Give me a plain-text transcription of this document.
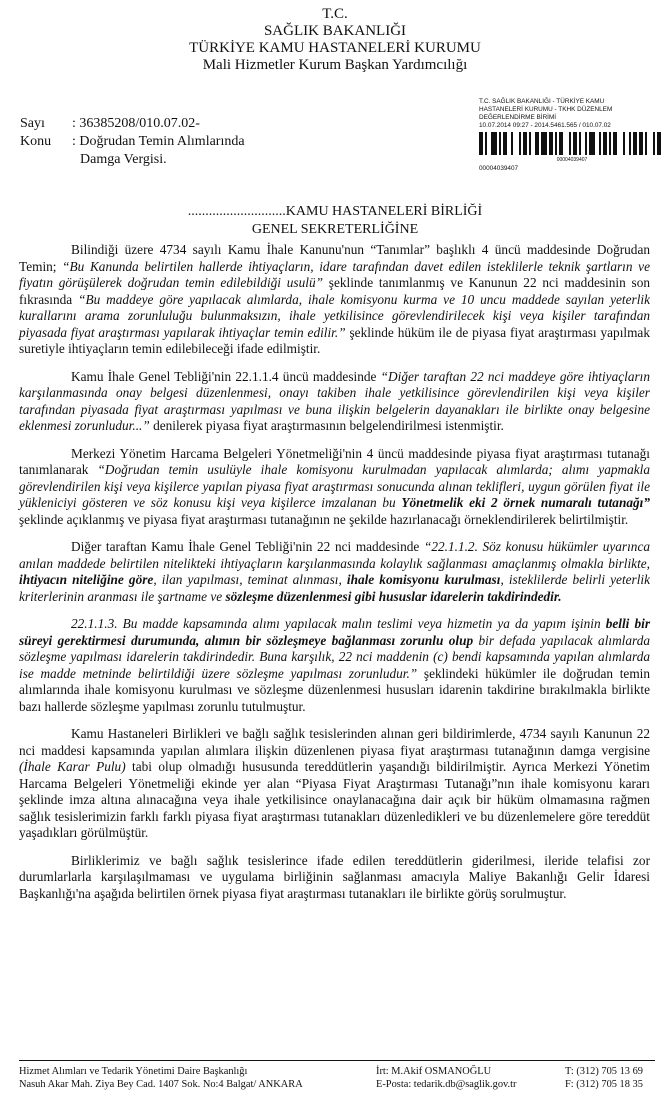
T.C.
SAĞLIK BAKANLIĞI
TÜRKİYE KAMU HASTANELERİ KURUMU
Mali Hizmetler Kurum Başkan Yardımcılığı
Sayı	: 36385208/010.07.02-
Konu	: Doğrudan Temin Alımlarında
Damga Vergisi.
T.C. SAĞLIK BAKANLIĞI - TÜRKİYE KAMU
HASTANELERİ KURUMU - TKHK DÜZENLEM
DEĞERLENDİRME BİRİMİ
10.07.2014 09:27 - 2014.5461.565 / 010.07.02
00004039407
00004039407
............................KAMU HASTANELERİ BİRLİĞİ
GENEL SEKRETERLİĞİNE

Bilindiği üzere 4734 sayılı Kamu İhale Kanunu'nun “Tanımlar” başlıklı 4 üncü maddesinde Doğrudan Temin; “Bu Kanunda belirtilen hallerde ihtiyaçların, idare tarafından davet edilen isteklilerle teknik şartların ve fiyatın görüşülerek doğrudan temin edilebildiği usulü” şeklinde tanımlanmış ve Kanunun 22 nci maddesinin son fıkrasında “Bu maddeye göre yapılacak alımlarda, ihale komisyonu kurma ve 10 uncu maddede sayılan yeterlik kurallarını arama zorunluluğu bulunmaksızın, ihale yetkilisince görevlendirilecek kişi veya kişiler tarafından piyasada fiyat araştırması yapılarak ihtiyaçlar temin edilir.” şeklinde hüküm ile de piyasa fiyat araştırması yapılmak suretiyle ihtiyaçların temin edilebileceği ifade edilmiştir.

Kamu İhale Genel Tebliği'nin 22.1.1.4 üncü maddesinde “Diğer taraftan 22 nci maddeye göre ihtiyaçların karşılanmasında onay belgesi düzenlenmesi, onayı takiben ihale yetkilisince görevlendirilen kişi veya kişiler tarafından piyasada fiyat araştırması yapılması ve buna ilişkin belgelerin dayanakları ile birlikte onay belgesine eklenmesi zorunludur...” denilerek piyasa fiyat araştırmasının belgelendirilmesi istenmiştir.

Merkezi Yönetim Harcama Belgeleri Yönetmeliği'nin 4 üncü maddesinde piyasa fiyat araştırması tutanağı tanımlanarak “Doğrudan temin usulüyle ihale komisyonu kurulmadan yapılacak alımlarda; alımı yapmakla görevlendirilen kişi veya kişilerce yapılan piyasa fiyat araştırması sonucunda alınan teklifleri, uygun görülen fiyat ile yükleniciyi gösteren ve söz konusu kişi veya kişilerce imzalanan bu Yönetmelik eki 2 örnek numaralı tutanağı” şeklinde açıklanmış ve piyasa fiyat araştırması tutanağının ne şekilde hazırlanacağı örneklendirilerek belirtilmiştir.

Diğer taraftan Kamu İhale Genel Tebliği'nin 22 nci maddesinde “22.1.1.2. Söz konusu hükümler uyarınca anılan maddede belirtilen nitelikteki ihtiyaçların karşılanmasında kolaylık sağlanması amaçlanmış olmakla birlikte, ihtiyacın niteliğine göre, ilan yapılması, teminat alınması, ihale komisyonu kurulması, isteklilerde belirli yeterlik kriterlerinin aranması ile şartname ve sözleşme düzenlenmesi gibi hususlar idarelerin takdirindedir.

22.1.1.3. Bu madde kapsamında alımı yapılacak malın teslimi veya hizmetin ya da yapım işinin belli bir süreyi gerektirmesi durumunda, alımın bir sözleşmeye bağlanması zorunlu olup bir defada yapılacak alımlarda sözleşme yapılması idarelerin takdirindedir. Buna karşılık, 22 nci maddenin (c) bendi kapsamında yapılan alımlarda ise madde metninde belirtildiği üzere sözleşme yapılması zorunludur.” şeklindeki hükümler ile doğrudan temin alımlarında ihale komisyonu kurulması ve sözleşme düzenlenmesi hususları idarenin takdirine bırakılmakla birlikte bazı hallerde sözleşme yapılması zorunlu tutulmuştur.

Kamu Hastaneleri Birlikleri ve bağlı sağlık tesislerinden alınan geri bildirimlerde, 4734 sayılı Kanunun 22 nci maddesi kapsamında yapılan alımlara ilişkin düzenlenen piyasa fiyat araştırması tutanağının damga vergisine (İhale Karar Pulu) tabi olup olmadığı hususunda tereddütlerin yaşandığı bildirilmiştir. Ayrıca Merkezi Yönetim Harcama Belgeleri Yönetmeliği ekinde yer alan “Piyasa Fiyat Araştırması Tutanağı”nın ihale komisyonu kararı şeklinde imza altına alınacağına veya ihale yetkilisince onaylanacağına dair açık bir hüküm olmamasına rağmen sağlık tesislerimizin farklı farklı piyasa fiyat araştırması tutanakları düzenledikleri ve bu düzenlemelere göre tereddüt yaşadıkları görülmüştür.

Birliklerimiz ve bağlı sağlık tesislerince ifade edilen tereddütlerin giderilmesi, ileride telafisi zor durumlarlarla karşılaşılmaması ve uygulama birliğinin sağlanması amacıyla Maliye Bakanlığı Gelir İdaresi Başkanlığı'na aşağıda belirtilen örnek piyasa fiyat araştırması tutanakları ile birlikte görüş sorulmuştur.

Hizmet Alımları ve Tedarik Yönetimi Daire Başkanlığı
Nasuh Akar Mah. Ziya Bey Cad. 1407 Sok. No:4 Balgat/ ANKARA
İrt: M.Akif OSMANOĞLU
E-Posta: tedarik.db@saglik.gov.tr
T: (312) 705 13 69
F: (312) 705 18 35
